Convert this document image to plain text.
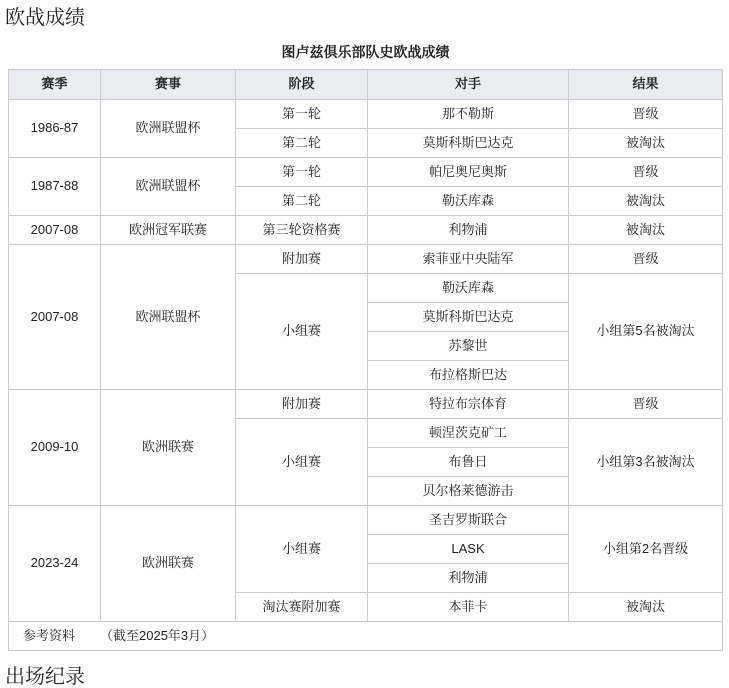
欧战成绩
图卢兹俱乐部队史欧战成绩
赛季	赛事	阶段	对手	结果
1986-87	欧洲联盟杯	第一轮	那不勒斯	晋级
		第二轮	莫斯科斯巴达克	被淘汰
1987-88	欧洲联盟杯	第一轮	帕尼奥尼奥斯	晋级
		第二轮	勒沃库森	被淘汰
2007-08	欧洲冠军联赛	第三轮资格赛	利物浦	被淘汰
2007-08	欧洲联盟杯	附加赛	索菲亚中央陆军	晋级
		小组赛	勒沃库森	小组第5名被淘汰
			莫斯科斯巴达克	
			苏黎世	
			布拉格斯巴达	
2009-10	欧洲联赛	附加赛	特拉布宗体育	晋级
		小组赛	顿涅茨克矿工	小组第3名被淘汰
			布鲁日	
			贝尔格莱德游击	
2023-24	欧洲联赛	小组赛	圣吉罗斯联合	小组第2名晋级
			LASK	
			利物浦	
		淘汰赛附加赛	本菲卡	被淘汰
参考资料 （截至2025年3月）				
出场纪录
